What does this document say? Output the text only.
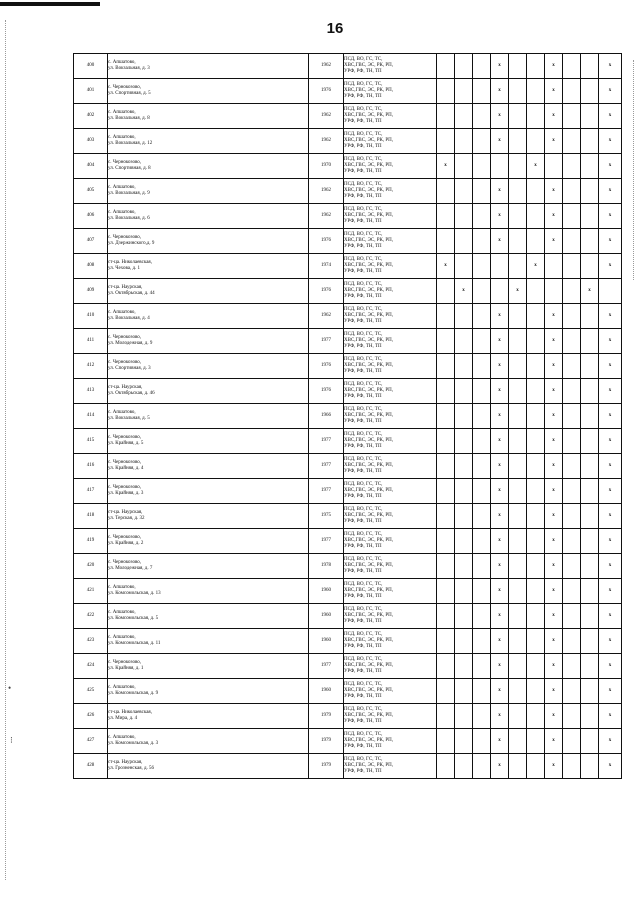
•
⁝
16
400	с. Апшатово,
ул. Вокзальная, д. 3	1962	ПСД, ВО, ГС, ТС,
ХВС,ГВС, ЭС, РК, РП,
УРФ, РФ, ТН, ТП				x			x			x
401	с. Чернокозово,
ул. Спортивная, д. 5	1976	ПСД, ВО, ГС, ТС,
ХВС,ГВС, ЭС, РК, РП,
УРФ, РФ, ТН, ТП				x			x			x
402	с. Апшатово,
ул. Вокзальная, д. 8	1962	ПСД, ВО, ГС, ТС,
ХВС,ГВС, ЭС, РК, РП,
УРФ, РФ, ТН, ТП				x			x			x
403	с. Апшатово,
ул. Вокзальная, д. 12	1962	ПСД, ВО, ГС, ТС,
ХВС,ГВС, ЭС, РК, РП,
УРФ, РФ, ТН, ТП				x			x			x
404	с. Чернокозово,
ул. Спортивная, д. 8	1970	ПСД, ВО, ГС, ТС,
ХВС,ГВС, ЭС, РК, РП,
УРФ, РФ, ТН, ТП	x					x				x
405	с. Апшатово,
ул. Вокзальная, д. 9	1962	ПСД, ВО, ГС, ТС,
ХВС,ГВС, ЭС, РК, РП,
УРФ, РФ, ТН, ТП				x			x			x
406	с. Апшатово,
ул. Вокзальная, д. 6	1962	ПСД, ВО, ГС, ТС,
ХВС,ГВС, ЭС, РК, РП,
УРФ, РФ, ТН, ТП				x			x			x
407	с. Чернокозово,
ул. Дзержинского,д. 9	1976	ПСД, ВО, ГС, ТС,
ХВС,ГВС, ЭС, РК, РП,
УРФ, РФ, ТН, ТП				x			x			x
408	ст-ца. Николаевская,
ул. Чехова, д. 1	1974	ПСД, ВО, ГС, ТС,
ХВС,ГВС, ЭС, РК, РП,
УРФ, РФ, ТН, ТП	x					x				x
409	ст-ца. Наурская,
ул. Октябрьская, д. 44	1976	ПСД, ВО, ГС, ТС,
ХВС,ГВС, ЭС, РК, РП,
УРФ, РФ, ТН, ТП		x			x				x	
410	с. Апшатово,
ул. Вокзальная, д. 4	1962	ПСД, ВО, ГС, ТС,
ХВС,ГВС, ЭС, РК, РП,
УРФ, РФ, ТН, ТП				x			x			x
411	с. Чернокозово,
ул. Молодежная, д. 9	1977	ПСД, ВО, ГС, ТС,
ХВС,ГВС, ЭС, РК, РП,
УРФ, РФ, ТН, ТП				x			x			x
412	с. Чернокозово,
ул. Спортивная, д. 3	1976	ПСД, ВО, ГС, ТС,
ХВС,ГВС, ЭС, РК, РП,
УРФ, РФ, ТН, ТП				x			x			x
413	ст-ца. Наурская,
ул. Октябрьская, д. 46	1976	ПСД, ВО, ГС, ТС,
ХВС,ГВС, ЭС, РК, РП,
УРФ, РФ, ТН, ТП				x			x			x
414	с. Апшатово,
ул. Вокзальная, д. 5	1966	ПСД, ВО, ГС, ТС,
ХВС,ГВС, ЭС, РК, РП,
УРФ, РФ, ТН, ТП				x			x			x
415	с. Чернокозово,
ул. Крайняя, д. 5	1977	ПСД, ВО, ГС, ТС,
ХВС,ГВС, ЭС, РК, РП,
УРФ, РФ, ТН, ТП				x			x			x
416	с. Чернокозово,
ул. Крайняя, д. 4	1977	ПСД, ВО, ГС, ТС,
ХВС,ГВС, ЭС, РК, РП,
УРФ, РФ, ТН, ТП				x			x			x
417	с. Чернокозово,
ул. Крайняя, д. 3	1977	ПСД, ВО, ГС, ТС,
ХВС,ГВС, ЭС, РК, РП,
УРФ, РФ, ТН, ТП				x			x			x
418	ст-ца. Наурская,
ул. Терская, д. 32	1975	ПСД, ВО, ГС, ТС,
ХВС,ГВС, ЭС, РК, РП,
УРФ, РФ, ТН, ТП				x			x			x
419	с. Чернокозово,
ул. Крайняя, д. 2	1977	ПСД, ВО, ГС, ТС,
ХВС,ГВС, ЭС, РК, РП,
УРФ, РФ, ТН, ТП				x			x			x
420	с. Чернокозово,
ул. Молодежная, д. 7	1978	ПСД, ВО, ГС, ТС,
ХВС,ГВС, ЭС, РК, РП,
УРФ, РФ, ТН, ТП				x			x			x
421	с. Апшатово,
ул. Комсомольская, д. 13	1960	ПСД, ВО, ГС, ТС,
ХВС,ГВС, ЭС, РК, РП,
УРФ, РФ, ТН, ТП				x			x			x
422	с. Апшатово,
ул. Комсомольская, д. 5	1960	ПСД, ВО, ГС, ТС,
ХВС,ГВС, ЭС, РК, РП,
УРФ, РФ, ТН, ТП				x			x			x
423	с. Апшатово,
ул. Комсомольская, д. 11	1960	ПСД, ВО, ГС, ТС,
ХВС,ГВС, ЭС, РК, РП,
УРФ, РФ, ТН, ТП				x			x			x
424	с. Чернокозово,
ул. Крайняя, д. 1	1977	ПСД, ВО, ГС, ТС,
ХВС,ГВС, ЭС, РК, РП,
УРФ, РФ, ТН, ТП				x			x			x
425	с. Апшатово,
ул. Комсомольская, д. 9	1960	ПСД, ВО, ГС, ТС,
ХВС,ГВС, ЭС, РК, РП,
УРФ, РФ, ТН, ТП				x			x			x
426	ст-ца. Николаевская,
ул. Мира, д. 4	1979	ПСД, ВО, ГС, ТС,
ХВС,ГВС, ЭС, РК, РП,
УРФ, РФ, ТН, ТП				x			x			x
427	с. Апшатово,
ул. Комсомольская, д. 3	1979	ПСД, ВО, ГС, ТС,
ХВС,ГВС, ЭС, РК, РП,
УРФ, РФ, ТН, ТП				x			x			x
428	ст-ца. Наурская,
ул. Грозненская, д. 56	1979	ПСД, ВО, ГС, ТС,
ХВС,ГВС, ЭС, РК, РП,
УРФ, РФ, ТН, ТП				x			x			x
